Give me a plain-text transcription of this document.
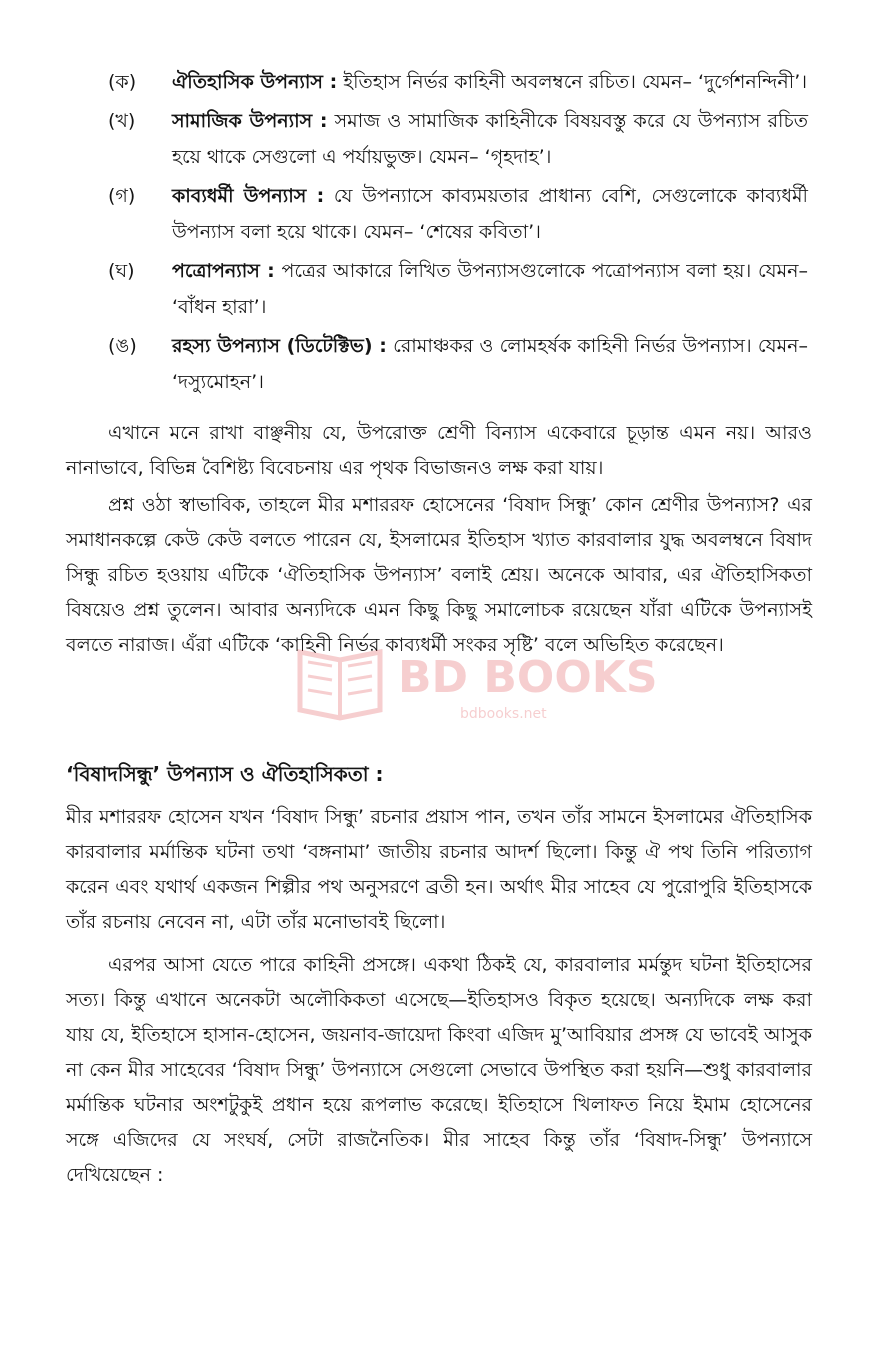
(ক)	ঐতিহাসিক উপন্যাস : ইতিহাস নির্ভর কাহিনী অবলম্বনে রচিত। যেমন– ‘দুর্গেশনন্দিনী’।
(খ)	সামাজিক উপন্যাস : সমাজ ও সামাজিক কাহিনীকে বিষয়বস্তু করে যে উপন্যাস রচিত হয়ে থাকে সেগুলো এ পর্যায়ভুক্ত। যেমন– ‘গৃহদাহ’।
(গ)	কাব্যধর্মী উপন্যাস : যে উপন্যাসে কাব্যময়তার প্রাধান্য বেশি, সেগুলোকে কাব্যধর্মী উপন্যাস বলা হয়ে থাকে। যেমন– ‘শেষের কবিতা’।
(ঘ)	পত্রোপন্যাস : পত্রের আকারে লিখিত উপন্যাসগুলোকে পত্রোপন্যাস বলা হয়। যেমন– ‘বাঁধন হারা’।
(ঙ)	রহস্য উপন্যাস (ডিটেক্টিভ) : রোমাঞ্চকর ও লোমহর্ষক কাহিনী নির্ভর উপন্যাস। যেমন– ‘দস্যুমোহন’।

এখানে মনে রাখা বাঞ্ছনীয় যে, উপরোক্ত শ্রেণী বিন্যাস একেবারে চূড়ান্ত এমন নয়। আরও নানাভাবে, বিভিন্ন বৈশিষ্ট্য বিবেচনায় এর পৃথক বিভাজনও লক্ষ করা যায়।

প্রশ্ন ওঠা স্বাভাবিক, তাহলে মীর মশাররফ হোসেনের ‘বিষাদ সিন্ধু’ কোন শ্রেণীর উপন্যাস? এর সমাধানকল্পে কেউ কেউ বলতে পারেন যে, ইসলামের ইতিহাস খ্যাত কারবালার যুদ্ধ অবলম্বনে বিষাদ সিন্ধু রচিত হওয়ায় এটিকে ‘ঐতিহাসিক উপন্যাস’ বলাই শ্রেয়। অনেকে আবার, এর ঐতিহাসিকতা বিষয়েও প্রশ্ন তুলেন। আবার অন্যদিকে এমন কিছু কিছু সমালোচক রয়েছেন যাঁরা এটিকে উপন্যাসই বলতে নারাজ। এঁরা এটিকে ‘কাহিনী নির্ভর কাব্যধর্মী সংকর সৃষ্টি’ বলে অভিহিত করেছেন।

‘বিষাদসিন্ধু’ উপন্যাস ও ঐতিহাসিকতা :

মীর মশাররফ হোসেন যখন ‘বিষাদ সিন্ধু’ রচনার প্রয়াস পান, তখন তাঁর সামনে ইসলামের ঐতিহাসিক কারবালার মর্মান্তিক ঘটনা তথা ‘বঙ্গনামা’ জাতীয় রচনার আদর্শ ছিলো। কিন্তু ঐ পথ তিনি পরিত্যাগ করেন এবং যথার্থ একজন শিল্পীর পথ অনুসরণে ব্রতী হন। অর্থাৎ মীর সাহেব যে পুরোপুরি ইতিহাসকে তাঁর রচনায় নেবেন না, এটা তাঁর মনোভাবই ছিলো।

এরপর আসা যেতে পারে কাহিনী প্রসঙ্গে। একথা ঠিকই যে, কারবালার মর্মন্তুদ ঘটনা ইতিহাসের সত্য। কিন্তু এখানে অনেকটা অলৌকিকতা এসেছে—ইতিহাসও বিকৃত হয়েছে। অন্যদিকে লক্ষ করা যায় যে, ইতিহাসে হাসান-হোসেন, জয়নাব-জায়েদা কিংবা এজিদ মু’আবিয়ার প্রসঙ্গ যে ভাবেই আসুক না কেন মীর সাহেবের ‘বিষাদ সিন্ধু’ উপন্যাসে সেগুলো সেভাবে উপস্থিত করা হয়নি—শুধু কারবালার মর্মান্তিক ঘটনার অংশটুকুই প্রধান হয়ে রূপলাভ করেছে। ইতিহাসে খিলাফত নিয়ে ইমাম হোসেনের সঙ্গে এজিদের যে সংঘর্ষ, সেটা রাজনৈতিক। মীর সাহেব কিন্তু তাঁর ‘বিষাদ-সিন্ধু’ উপন্যাসে দেখিয়েছেন :

BD BOOKS
bdbooks.net
